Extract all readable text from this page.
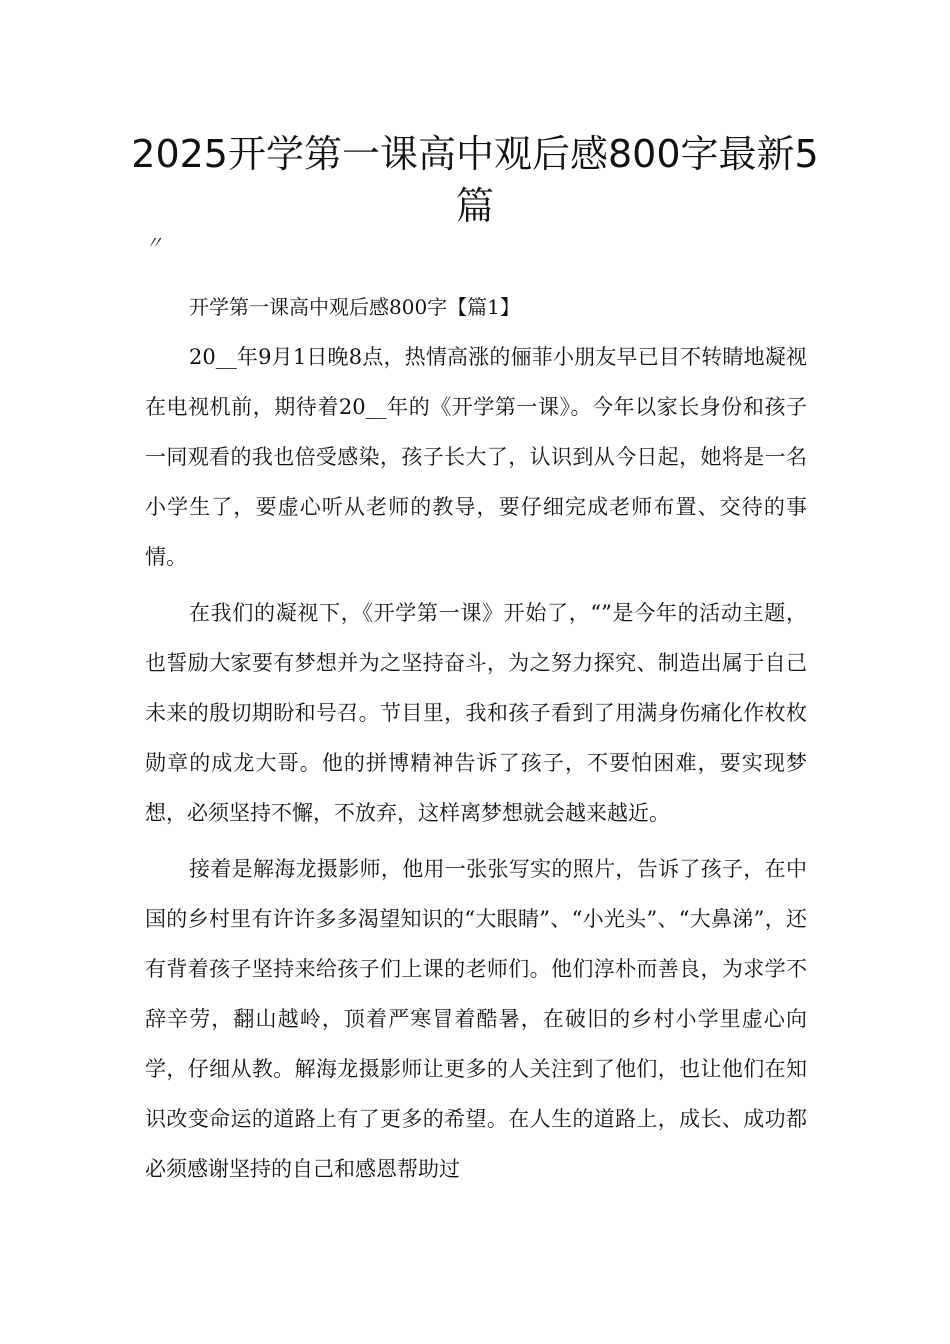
2025开学第一课高中观后感800字最新5篇
〃

开学第一课高中观后感800字【篇1】

20__年9月1日晚8点，热情高涨的俪菲小朋友早已目不转睛地凝视在电视机前，期待着20__年的《开学第一课》。今年以家长身份和孩子一同观看的我也倍受感染，孩子长大了，认识到从今日起，她将是一名小学生了，要虚心听从老师的教导，要仔细完成老师布置、交待的事情。

在我们的凝视下，《开学第一课》开始了，“”是今年的活动主题，也誓励大家要有梦想并为之坚持奋斗，为之努力探究、制造出属于自己未来的殷切期盼和号召。节目里，我和孩子看到了用满身伤痛化作枚枚勋章的成龙大哥。他的拼博精神告诉了孩子，不要怕困难，要实现梦想，必须坚持不懈，不放弃，这样离梦想就会越来越近。

接着是解海龙摄影师，他用一张张写实的照片，告诉了孩子，在中国的乡村里有许许多多渴望知识的“大眼睛”、“小光头”、“大鼻涕”，还有背着孩子坚持来给孩子们上课的老师们。他们淳朴而善良，为求学不辞辛劳，翻山越岭，顶着严寒冒着酷暑，在破旧的乡村小学里虚心向学，仔细从教。解海龙摄影师让更多的人关注到了他们，也让他们在知识改变命运的道路上有了更多的希望。在人生的道路上，成长、成功都必须感谢坚持的自己和感恩帮助过
